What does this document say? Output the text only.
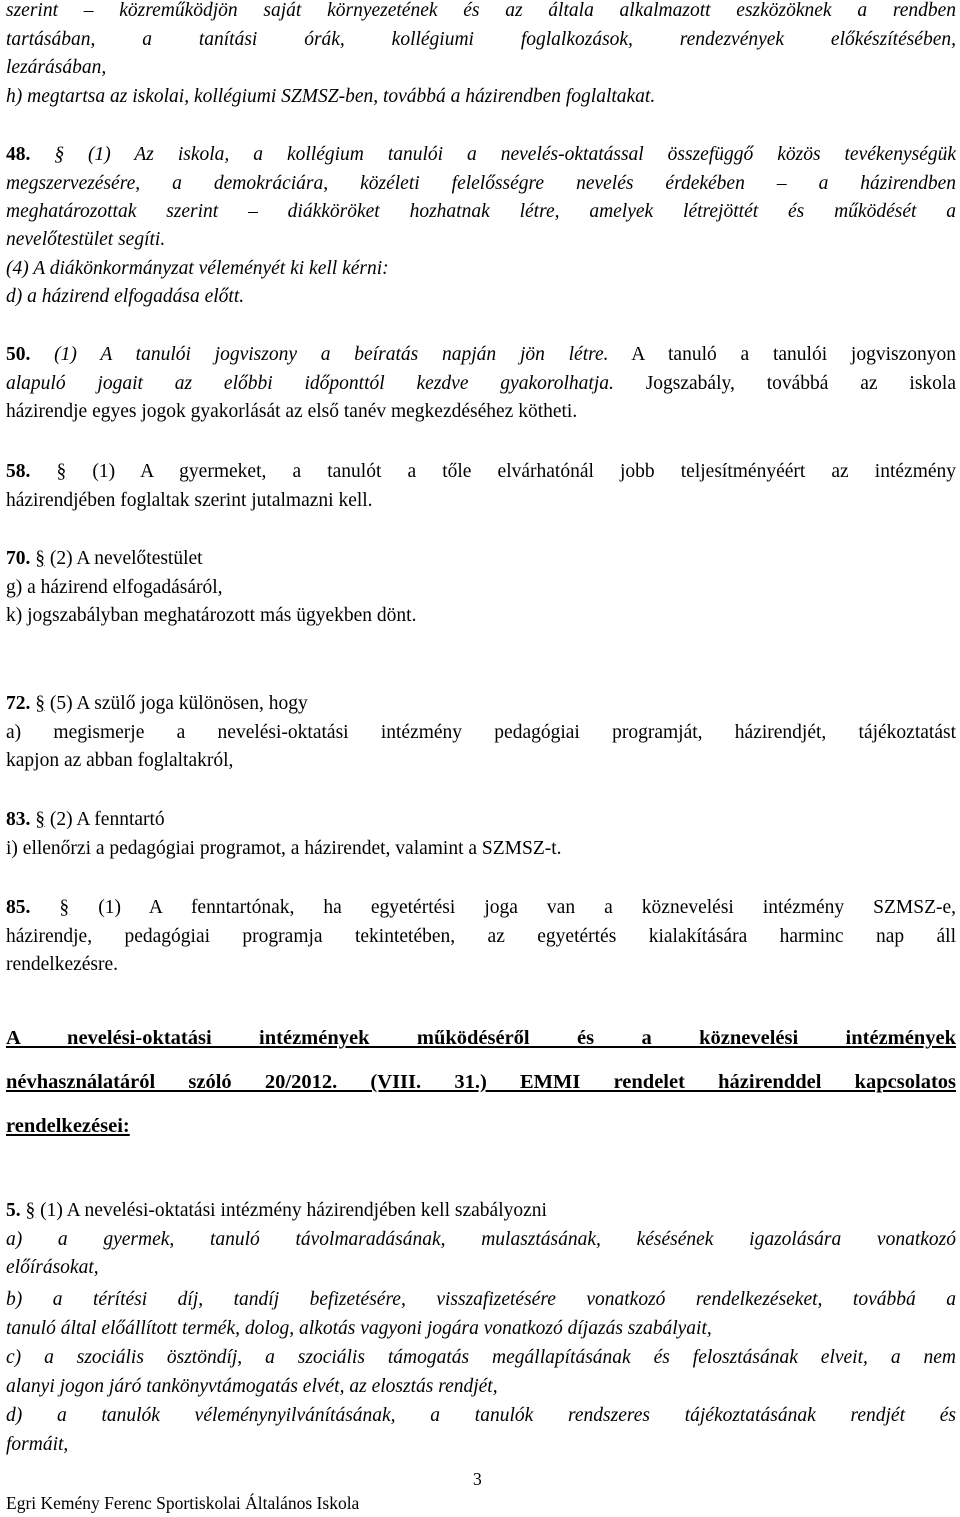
szerint – közreműködjön saját környezetének és az általa alkalmazott eszközöknek a rendben
tartásában, a tanítási órák, kollégiumi foglalkozások, rendezvények előkészítésében,
lezárásában,
h) megtartsa az iskolai, kollégiumi SZMSZ-ben, továbbá a házirendben foglaltakat.
48. § (1) Az iskola, a kollégium tanulói a nevelés-oktatással összefüggő közös tevékenységük
megszervezésére, a demokráciára, közéleti felelősségre nevelés érdekében – a házirendben
meghatározottak szerint – diákköröket hozhatnak létre, amelyek létrejöttét és működését a
nevelőtestület segíti.
(4) A diákönkormányzat véleményét ki kell kérni:
d) a házirend elfogadása előtt.
50. (1) A tanulói jogviszony a beíratás napján jön létre. A tanuló a tanulói jogviszonyon
alapuló jogait az előbbi időponttól kezdve gyakorolhatja. Jogszabály, továbbá az iskola
házirendje egyes jogok gyakorlását az első tanév megkezdéséhez kötheti.
58. § (1) A gyermeket, a tanulót a tőle elvárhatónál jobb teljesítményéért az intézmény
házirendjében foglaltak szerint jutalmazni kell.
70. § (2) A nevelőtestület
g) a házirend elfogadásáról,
k) jogszabályban meghatározott más ügyekben dönt.
72. § (5) A szülő joga különösen, hogy
a) megismerje a nevelési-oktatási intézmény pedagógiai programját, házirendjét, tájékoztatást
kapjon az abban foglaltakról,
83. § (2) A fenntartó
i) ellenőrzi a pedagógiai programot, a házirendet, valamint a SZMSZ-t.
85. § (1) A fenntartónak, ha egyetértési joga van a köznevelési intézmény SZMSZ-e,
házirendje, pedagógiai programja tekintetében, az egyetértés kialakítására harminc nap áll
rendelkezésre.
A nevelési-oktatási intézmények működéséről és a köznevelési intézmények
névhasználatáról szóló 20/2012. (VIII. 31.) EMMI rendelet házirenddel kapcsolatos
rendelkezései:
5. § (1) A nevelési-oktatási intézmény házirendjében kell szabályozni
a) a gyermek, tanuló távolmaradásának, mulasztásának, késésének igazolására vonatkozó
előírásokat,
b) a térítési díj, tandíj befizetésére, visszafizetésére vonatkozó rendelkezéseket, továbbá a
tanuló által előállított termék, dolog, alkotás vagyoni jogára vonatkozó díjazás szabályait,
c) a szociális ösztöndíj, a szociális támogatás megállapításának és felosztásának elveit, a nem
alanyi jogon járó tankönyvtámogatás elvét, az elosztás rendjét,
d) a tanulók véleménynyilvánításának, a tanulók rendszeres tájékoztatásának rendjét és
formáit,
3
Egri Kemény Ferenc Sportiskolai Általános Iskola
